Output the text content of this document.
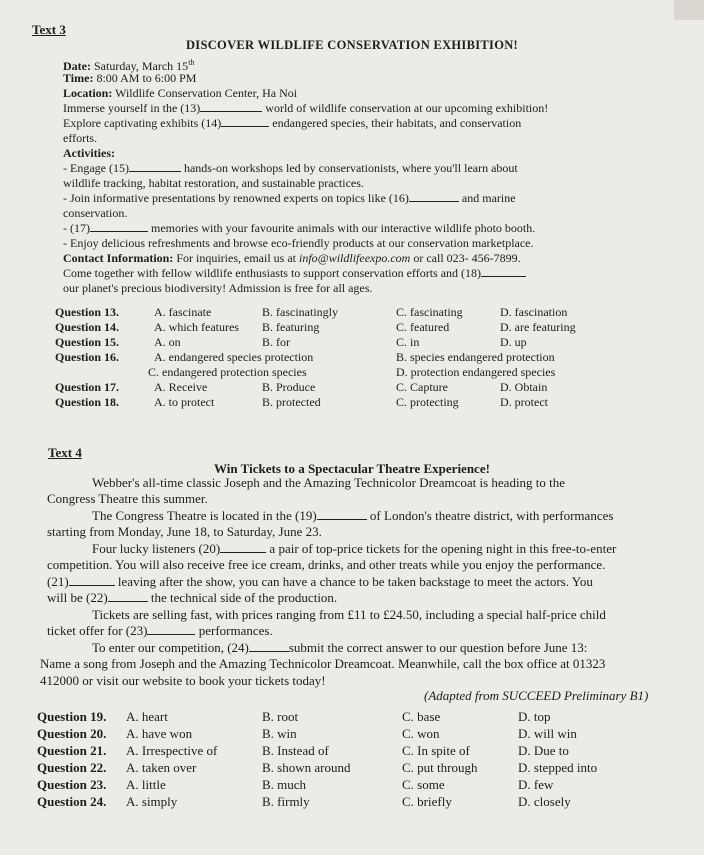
Text 3
DISCOVER WILDLIFE CONSERVATION EXHIBITION!
Date: Saturday, March 15th
Time: 8:00 AM to 6:00 PM
Location: Wildlife Conservation Center, Ha Noi
Immerse yourself in the (13)	world of wildlife conservation at our upcoming exhibition!
Explore captivating exhibits (14)	endangered species, their habitats, and conservation
efforts.
Activities:
- Engage (15)	hands-on workshops led by conservationists, where you'll learn about
wildlife tracking, habitat restoration, and sustainable practices.
- Join informative presentations by renowned experts on topics like (16)	and marine
conservation.
- (17)	memories with your favourite animals with our interactive wildlife photo booth.
- Enjoy delicious refreshments and browse eco-friendly products at our conservation marketplace.
Contact Information: For inquiries, email us at info@wildlifeexpo.com or call 023- 456-7899.
Come together with fellow wildlife enthusiasts to support conservation efforts and (18)
our planet's precious biodiversity! Admission is free for all ages.
Question 13.	A. fascinate	B. fascinatingly	C. fascinating	D. fascination
Question 14.	A. which features B. featuring	C. featured	D. are featuring
Question 15.	A. on	B. for	C. in	D. up
Question 16.	A. endangered species protection	B. species endangered protection
C. endangered protection species	D. protection endangered species
Question 17.	A. Receive	B. Produce	C. Capture	D. Obtain
Question 18.	A. to protect	B. protected	C. protecting	D. protect
Text 4
Win Tickets to a Spectacular Theatre Experience!
Webber's all-time classic Joseph and the Amazing Technicolor Dreamcoat is heading to the
Congress Theatre this summer.
The Congress Theatre is located in the (19)	of London's theatre district, with performances
starting from Monday, June 18, to Saturday, June 23.
Four lucky listeners (20)	a pair of top-price tickets for the opening night in this free-to-enter
competition. You will also receive free ice cream, drinks, and other treats while you enjoy the performance.
(21)	leaving after the show, you can have a chance to be taken backstage to meet the actors. You
will be (22)	the technical side of the production.
Tickets are selling fast, with prices ranging from £11 to £24.50, including a special half-price child
ticket offer for (23)	performances.
To enter our competition, (24)	submit the correct answer to our question before June 13:
Name a song from Joseph and the Amazing Technicolor Dreamcoat. Meanwhile, call the box office at 01323
412000 or visit our website to book your tickets today!
(Adapted from SUCCEED Preliminary B1)
Question 19. A. heart	B. root	C. base	D. top
Question 20. A. have won	B. win	C. won	D. will win
Question 21. A. Irrespective of	B. Instead of	C. In spite of	D. Due to
Question 22. A. taken over	B. shown around	C. put through	D. stepped into
Question 23. A. little	B. much	C. some	D. few
Question 24. A. simply	B. firmly	C. briefly	D. closely
